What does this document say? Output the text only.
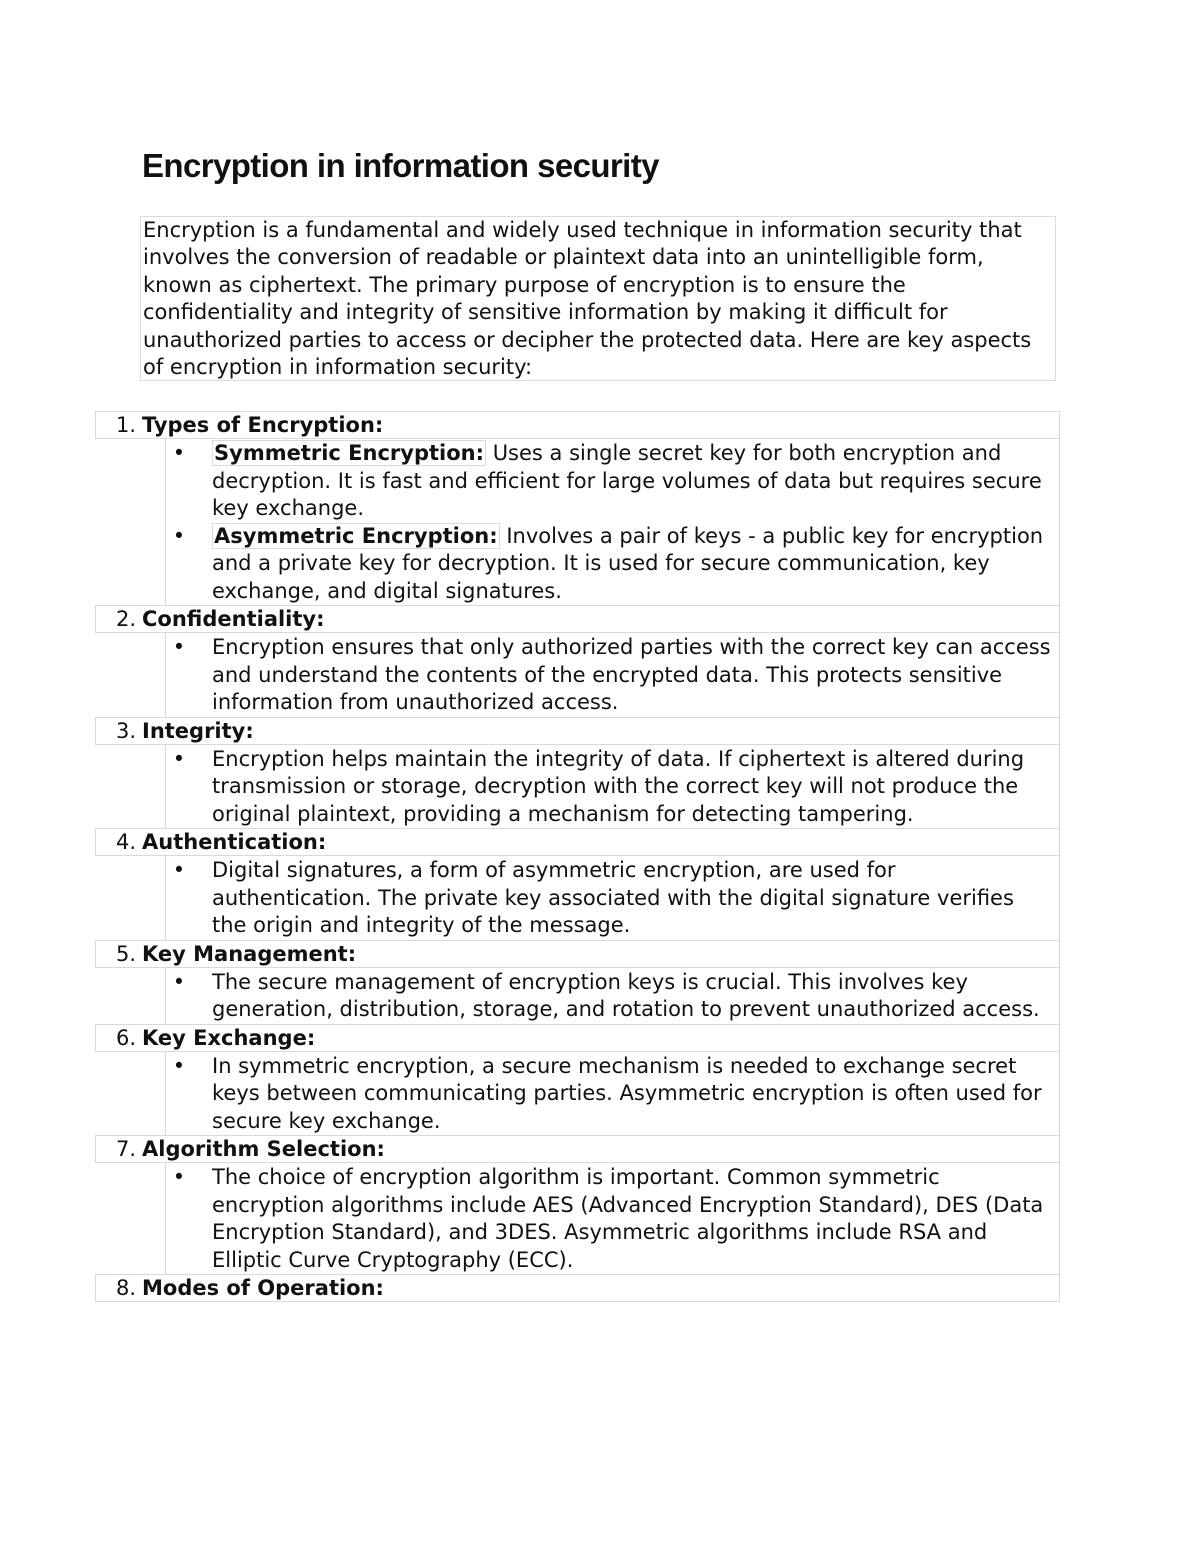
Encryption in information security

Encryption is a fundamental and widely used technique in information security that involves the conversion of readable or plaintext data into an unintelligible form, known as ciphertext. The primary purpose of encryption is to ensure the confidentiality and integrity of sensitive information by making it difficult for unauthorized parties to access or decipher the protected data. Here are key aspects of encryption in information security:

1. Types of Encryption:
• Symmetric Encryption: Uses a single secret key for both encryption and decryption. It is fast and efficient for large volumes of data but requires secure key exchange.
• Asymmetric Encryption: Involves a pair of keys - a public key for encryption and a private key for decryption. It is used for secure communication, key exchange, and digital signatures.
2. Confidentiality:
• Encryption ensures that only authorized parties with the correct key can access and understand the contents of the encrypted data. This protects sensitive information from unauthorized access.
3. Integrity:
• Encryption helps maintain the integrity of data. If ciphertext is altered during transmission or storage, decryption with the correct key will not produce the original plaintext, providing a mechanism for detecting tampering.
4. Authentication:
• Digital signatures, a form of asymmetric encryption, are used for authentication. The private key associated with the digital signature verifies the origin and integrity of the message.
5. Key Management:
• The secure management of encryption keys is crucial. This involves key generation, distribution, storage, and rotation to prevent unauthorized access.
6. Key Exchange:
• In symmetric encryption, a secure mechanism is needed to exchange secret keys between communicating parties. Asymmetric encryption is often used for secure key exchange.
7. Algorithm Selection:
• The choice of encryption algorithm is important. Common symmetric encryption algorithms include AES (Advanced Encryption Standard), DES (Data Encryption Standard), and 3DES. Asymmetric algorithms include RSA and Elliptic Curve Cryptography (ECC).
8. Modes of Operation:
